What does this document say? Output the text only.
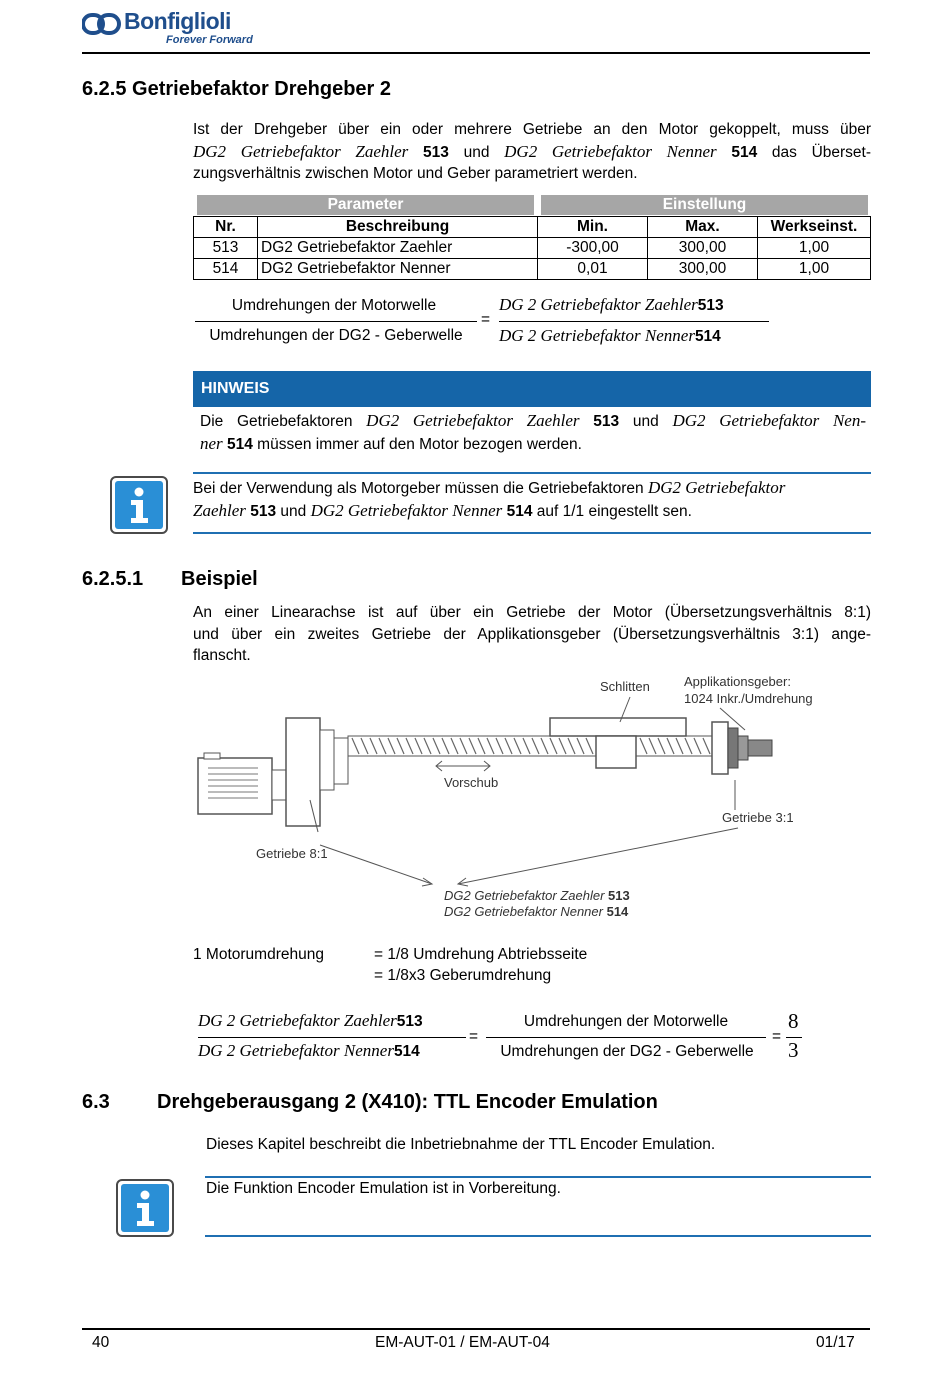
Bonfiglioli
Forever Forward
6.2.5 Getriebefaktor Drehgeber 2
Ist der Drehgeber über ein oder mehrere Getriebe an den Motor gekoppelt, muss über
DG2 Getriebefaktor Zaehler 513 und DG2 Getriebefaktor Nenner 514 das Überset-
zungsverhältnis zwischen Motor und Geber parametriert werden.
Parameter	Einstellung
Nr.	Beschreibung	Min.	Max.	Werkseinst.
513	DG2 Getriebefaktor Zaehler	-300,00	300,00	1,00
514	DG2 Getriebefaktor Nenner	0,01	300,00	1,00
Umdrehungen der Motorwelle
Umdrehungen der DG2 - Geberwelle
=
DG 2 Getriebefaktor Zaehler513
DG 2 Getriebefaktor Nenner514
HINWEIS
Die Getriebefaktoren DG2 Getriebefaktor Zaehler 513 und DG2 Getriebefaktor Nen-
ner 514 müssen immer auf den Motor bezogen werden.
Bei der Verwendung als Motorgeber müssen die Getriebefaktoren DG2 Getriebefaktor
Zaehler 513 und DG2 Getriebefaktor Nenner 514 auf 1/1 eingestellt sen.
6.2.5.1 Beispiel
An einer Linearachse ist auf über ein Getriebe der Motor (Übersetzungsverhältnis 8:1)
und über ein zweites Getriebe der Applikationsgeber (Übersetzungsverhältnis 3:1) ange-
flanscht.
Schlitten	Applikationsgeber:
1024 Inkr./Umdrehung
Vorschub
Getriebe 3:1
Getriebe 8:1
DG2 Getriebefaktor Zaehler 513
DG2 Getriebefaktor Nenner 514
1 Motorumdrehung	= 1/8 Umdrehung Abtriebsseite
= 1/8x3 Geberumdrehung
DG 2 Getriebefaktor Zaehler513
DG 2 Getriebefaktor Nenner514
=
Umdrehungen der Motorwelle
Umdrehungen der DG2 - Geberwelle
=
8
3
6.3 Drehgeberausgang 2 (X410): TTL Encoder Emulation
Dieses Kapitel beschreibt die Inbetriebnahme der TTL Encoder Emulation.
Die Funktion Encoder Emulation ist in Vorbereitung.
40	EM-AUT-01 / EM-AUT-04	01/17
